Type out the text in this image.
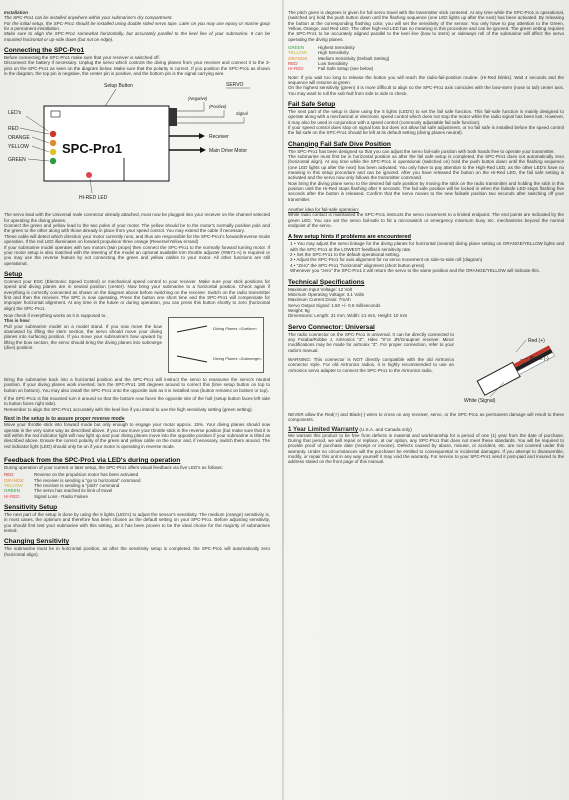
Installation

The SPC-Pro1 can be installed anywhere within your submarine's dry compartment.

For the initial setup, the SPC-Pro1 should be installed using double sided servo tape. Later on you may use epoxy or marine goop for a permanent installation.

Make sure to align the SPC-Pro1 somewhat horizontally, but accurately parallel to the keel line of your submarine. It can be mounted horizontal or up-side down (but not on edge).

Connecting the SPC-Pro1

Before connecting the SPC-Pro1 make sure that your receiver is switched off.

Disconnect the battery if necessary. Unplug the servo which controls the diving planes from your receiver and connect it to the 3-pins on the SPC-Pro1 as seen on the diagram below. Make sure that the polarity is correct. If you position the SPC-Pro1 as shown in the diagram, the top pin is negative, the center pin is positive, and the bottom pin is the signal carrying wire.

Setup Button
SPC-Pro1
LED's
RED
ORANGE
YELLOW
GREEN
HI-RED LED
SERVO
(Negative)
(Positive)
Signal
Receiver
Main Drive Motor

The servo lead with the Universal male connector already attached, must now be plugged into your receiver on the channel selected for operating the diving planes.

Connect the green and yellow lead to the two poles of your motor. The yellow should be to the motor's normally positive pole and the green to the other along with those already in place from your speed control. You may extend the cable if necessary.

These cable will detect which direction your motor currently runs, and thus are responsible for the SPC-Pro1's forward/reverse mode operation. If the red LED illuminates on forward propulsion three orange (Reverse/Yellow errand)

If your submarine model operates with two motors (twin props) then connect the SPC-Pro1 to the normally forward turning motor. If your motor setup is also matched with the steering of the model an optional available trim throttle adjuster (#8571-A) is required or you may use the reverse feature by not connecting the green and yellow cables to your motor. All other functions are still operational.

Setup

Connect your ESC (Electronic Speed Control) or mechanical speed control to your receiver. Make sure your stick positions for speed and diving planes are in neutral position (center). Now bring your submarine to a horizontal position. Check again if everything is correctly connected as shown on the diagram above before switching on the receiver. Switch on the radio transmitter first and then the receiver. The SPC is now operating. Press the button one short time and the SPC-Pro1 will compensate for improper horizontal alignment. At any time in the future or during operation, you can press this button shortly to zero (horizontal align) the SPC-Pro1.

Now check if everything works as it is supposed to.

This is how:

Pull your submarine model on a model stand. If you now move the bow downward by lifting the stern section, the servo should move your diving planes into surfacing position. If you move your submarine's bow upward by lifting the bow section, the servo should bring the diving planes into submerge (dive) position.

Diving Planes =Surface=
Diving Planes =Submerge=

Bring the submarine back into a horizontal position and the SPC-Pro1 will instruct the servo to reassume the servo's neutral position. If your diving planes work inverted, turn the SPC-Pro1 180 degrees around to correct this (time setup button on top to button on bottom). You may also install the SPC-Pro1 onto the opposite side as it is installed now (button remains on bottom or top).

If the SPC-Pro1 is flat mounted turn it around so that the bottom now faces the opposite site of the hull (setup button faces left side to button faces right side).

Remember to align the SPC-Pro1 accurately with the keel line if you intend to use the high sensitivity setting (green setting).

Next in the setup is to assure proper reverse mode

Move your throttle stick into forward mode but only enough to engage your motor approx. 15%. Your diving planes should now operate in the very same way as described above. If you now move your throttle stick in the reverse position (but make sure that it is still within the red indicator light will now light up and your diving planes move into the opposite position if your submarine is tilted as described above. Ensure the correct polarity of the green and yellow cable on the motor and, if necessary, switch them around. The red indicator light (LED) should only be on if your motor is operating in reverse mode.

Feedback from the SPC-Pro1 via LED's during operation

During operation of your current or later setup, the SPC-Pro1 offers visual feedback via five LED's as follows:

RED	Reverse on the propulsion motor has been activated
ORANGE	The receiver is sending a "go to horizontal" command
YELLOW	The receiver is sending a "pitch" command
GREEN	The servo has reached its limit of travel
HI-RED	Signal Loss - Radio Failure

Sensitivity Setup

The next part of the setup is done by using the 5 lights (LED's) to adjust the sensor's sensitivity. The medium (orange) sensitivity is, in most cases, the optimum and therefore has been chosen as the default setting on your SPC-Pro1. Before adjusting sensitivity, you should first test your submarine with this setting, as it has been proven to be the ideal choice for the majority of submarines tested.

Changing Sensitivity

The submarine must be in horizontal position, as after the sensitivity setup is completed, the SPC-Pro1 will automatically zero (horizontal align).

The pitch given is degrees is given for full servo travel with the transmitter stick centered. At any time while the SPC-Pro1 is operational, (switched on) hold the push button down until the flashing sequence (one LED lights up after the next) has been activated. By releasing the button at the corresponding flashing color, you will set the sensitivity of the sensor. You only have to pay attention to the Green, Yellow, Orange, and Red LED. The other high-red LED has no meaning in this procedure and can be ignored. The green setting requires the SPC-Pro1 to be accurately aligned parallel to the keel line (bow to stern) or sideways roll of the submarine will affect the servo operating the diving planes.

GREEN	Highest Sensitivity
YELLOW	High Sensitivity
ORANGE	Medium Sensitivity (Default Setting)
RED	Low Sensitivity
HI-RED	Fail Safe Setup (see below)

Note: If you wait too long to release the button you will reach the radio-fail-position routine. (Hi-Red blinks). Wait 4 seconds and the sequence will resume at green.

On the highest sensitivity (green) it is more difficult to align so the SPC-Pro1 axis coincides with the bow-stern (nose to tail) center axis. You may want to roll the sub-hull from side to side to check.

Fail Safe Setup

The next part of the setup is done using the 5 lights (LED's) to set the fail safe function. This fail-safe function is mainly designed to operate along with a mechanical or electronic speed control which does not stop the motor while the radio signal has been lost. However, it may also be used in conjunction with a speed control (commonly adjustable fail safe function).

If your speed control does stop on signal loss but does not allow fail safe adjustment, or no fail safe is installed before the speed control the fail safe on the SPC-Pro1 should be left at its default setting (diving planes neutral).

Changing Fail Safe Dive Position

The SPC-Pro1 has been designed so that you can adjust the servo fail-safe position with both hands free to operate your transmitter.

The submarine must first be in horizontal position as after the fail safe setup is completed, the SPC-Pro1 does not automatically zero (horizontal align). At any time while the SPC-Pro1 is operational (switched on) hold the push button down until the flashing sequence (one LED lights up after the next) has been activated. You only have to pay attention to the High-Red LED, as the other LED's have no meaning in this setup procedure and can be ignored. After you have released the button on the Hi-Red LED, the fail safe setting is activated and the servo now only follows the transmitter command.

Now bring the diving plane servo to the desired fail safe position by moving the stick on the radio transmitter and holding the stick in this position until the Hi-Red stops flashing after 5 seconds. The fail safe position will be locked in when the failsafe LED stops flashing five seconds after the button is released. Confirm that the servo moves to the new failsafe position two seconds after switching off your transmitter.

Another idea for fail-safe operation:

While radio contact is maintained the SPC-Pro1 instructs the servo movement to a limited endpoint. The end points are indicated by the green LED. You can set the servo fail-safe to hit a microswitch or emergency minimum buoy etc. mechanisms beyond the normal endpoint of the servo.

A few setup hints if problems are encountered

1 • You may adjust the servo linkage for the diving planes for horizontal (neutral) diving plane setting on ORANGE/YELLOW lights and with the SPC-Pro1 at the LOWEST feedback sensitivity rate.

2 • Set the SPC-Pro1 to the default operational setting.

3 • Adjust the SPC-Pro1 for axis alignment for no servo movement on side-to-side roll (diagram)

4 • "Zero" the SPC-Pro1 "horizontal" alignment (short button press)

Whenever you "zero" the SPC-Pro1 it will return the servo to the same position and the ORANGE/YELLOW will indicate this.

Technical Specifications

Maximum Input Voltage: 12 Volt

Minimum Operating Voltage: 3.1 Volts

Maximum Current Drain: 7mAh

Servo Output Signal: 1.50 +/- 0.6 milliseconds

Weight: 9g

Dimensions: Length: 31 mm, Width: 21 mm, Height: 10 mm

Servo Connector: Universal

The radio connector on the SPC-Pro1 is universal. It can be directly connected to any Futaba/Robbe J, Airtronics "Z", Hitec "S"or JR/Graupner receiver. Minor modifications may be made for airtronix "Z". For proper connection, refer to your radio's manual.

WARNING: This connector is NOT directly compatible with the old Airtronics connector style. For old Airtronics radios, it is highly recommended to use an Airtronics servo adapter to connect the SPC-Pro1 to the Airtronics radio.

Red (+)
Black (-)
White (Signal)

NEVER allow the Red(+) and Black(-) wires to cross on any receiver, servo, or the SPC-Pro1 as permanent damage will result to these components.

1 Year Limited Warranty (U.S.A. and Canada only)

We warrant this product to be free from defects in material and workmanship for a period of one (1) year from the date of purchase. During that period, we will repair or replace, at our option, any SPC-Pro1 that does not meet these standards. You will be required to provide proof of purchase date (receipt or invoice). Defects caused by abuse, misuse, or accident, etc. are not covered under this warranty. Under no circumstances will the purchaser be entitled to consequential or incidental damages. If you attempt to disassemble, modify, or repair this unit in any way yourself it may void the warranty. For service to your SPC-Pro1 send it post-paid and insured to the address stated on the front page of this manual.
